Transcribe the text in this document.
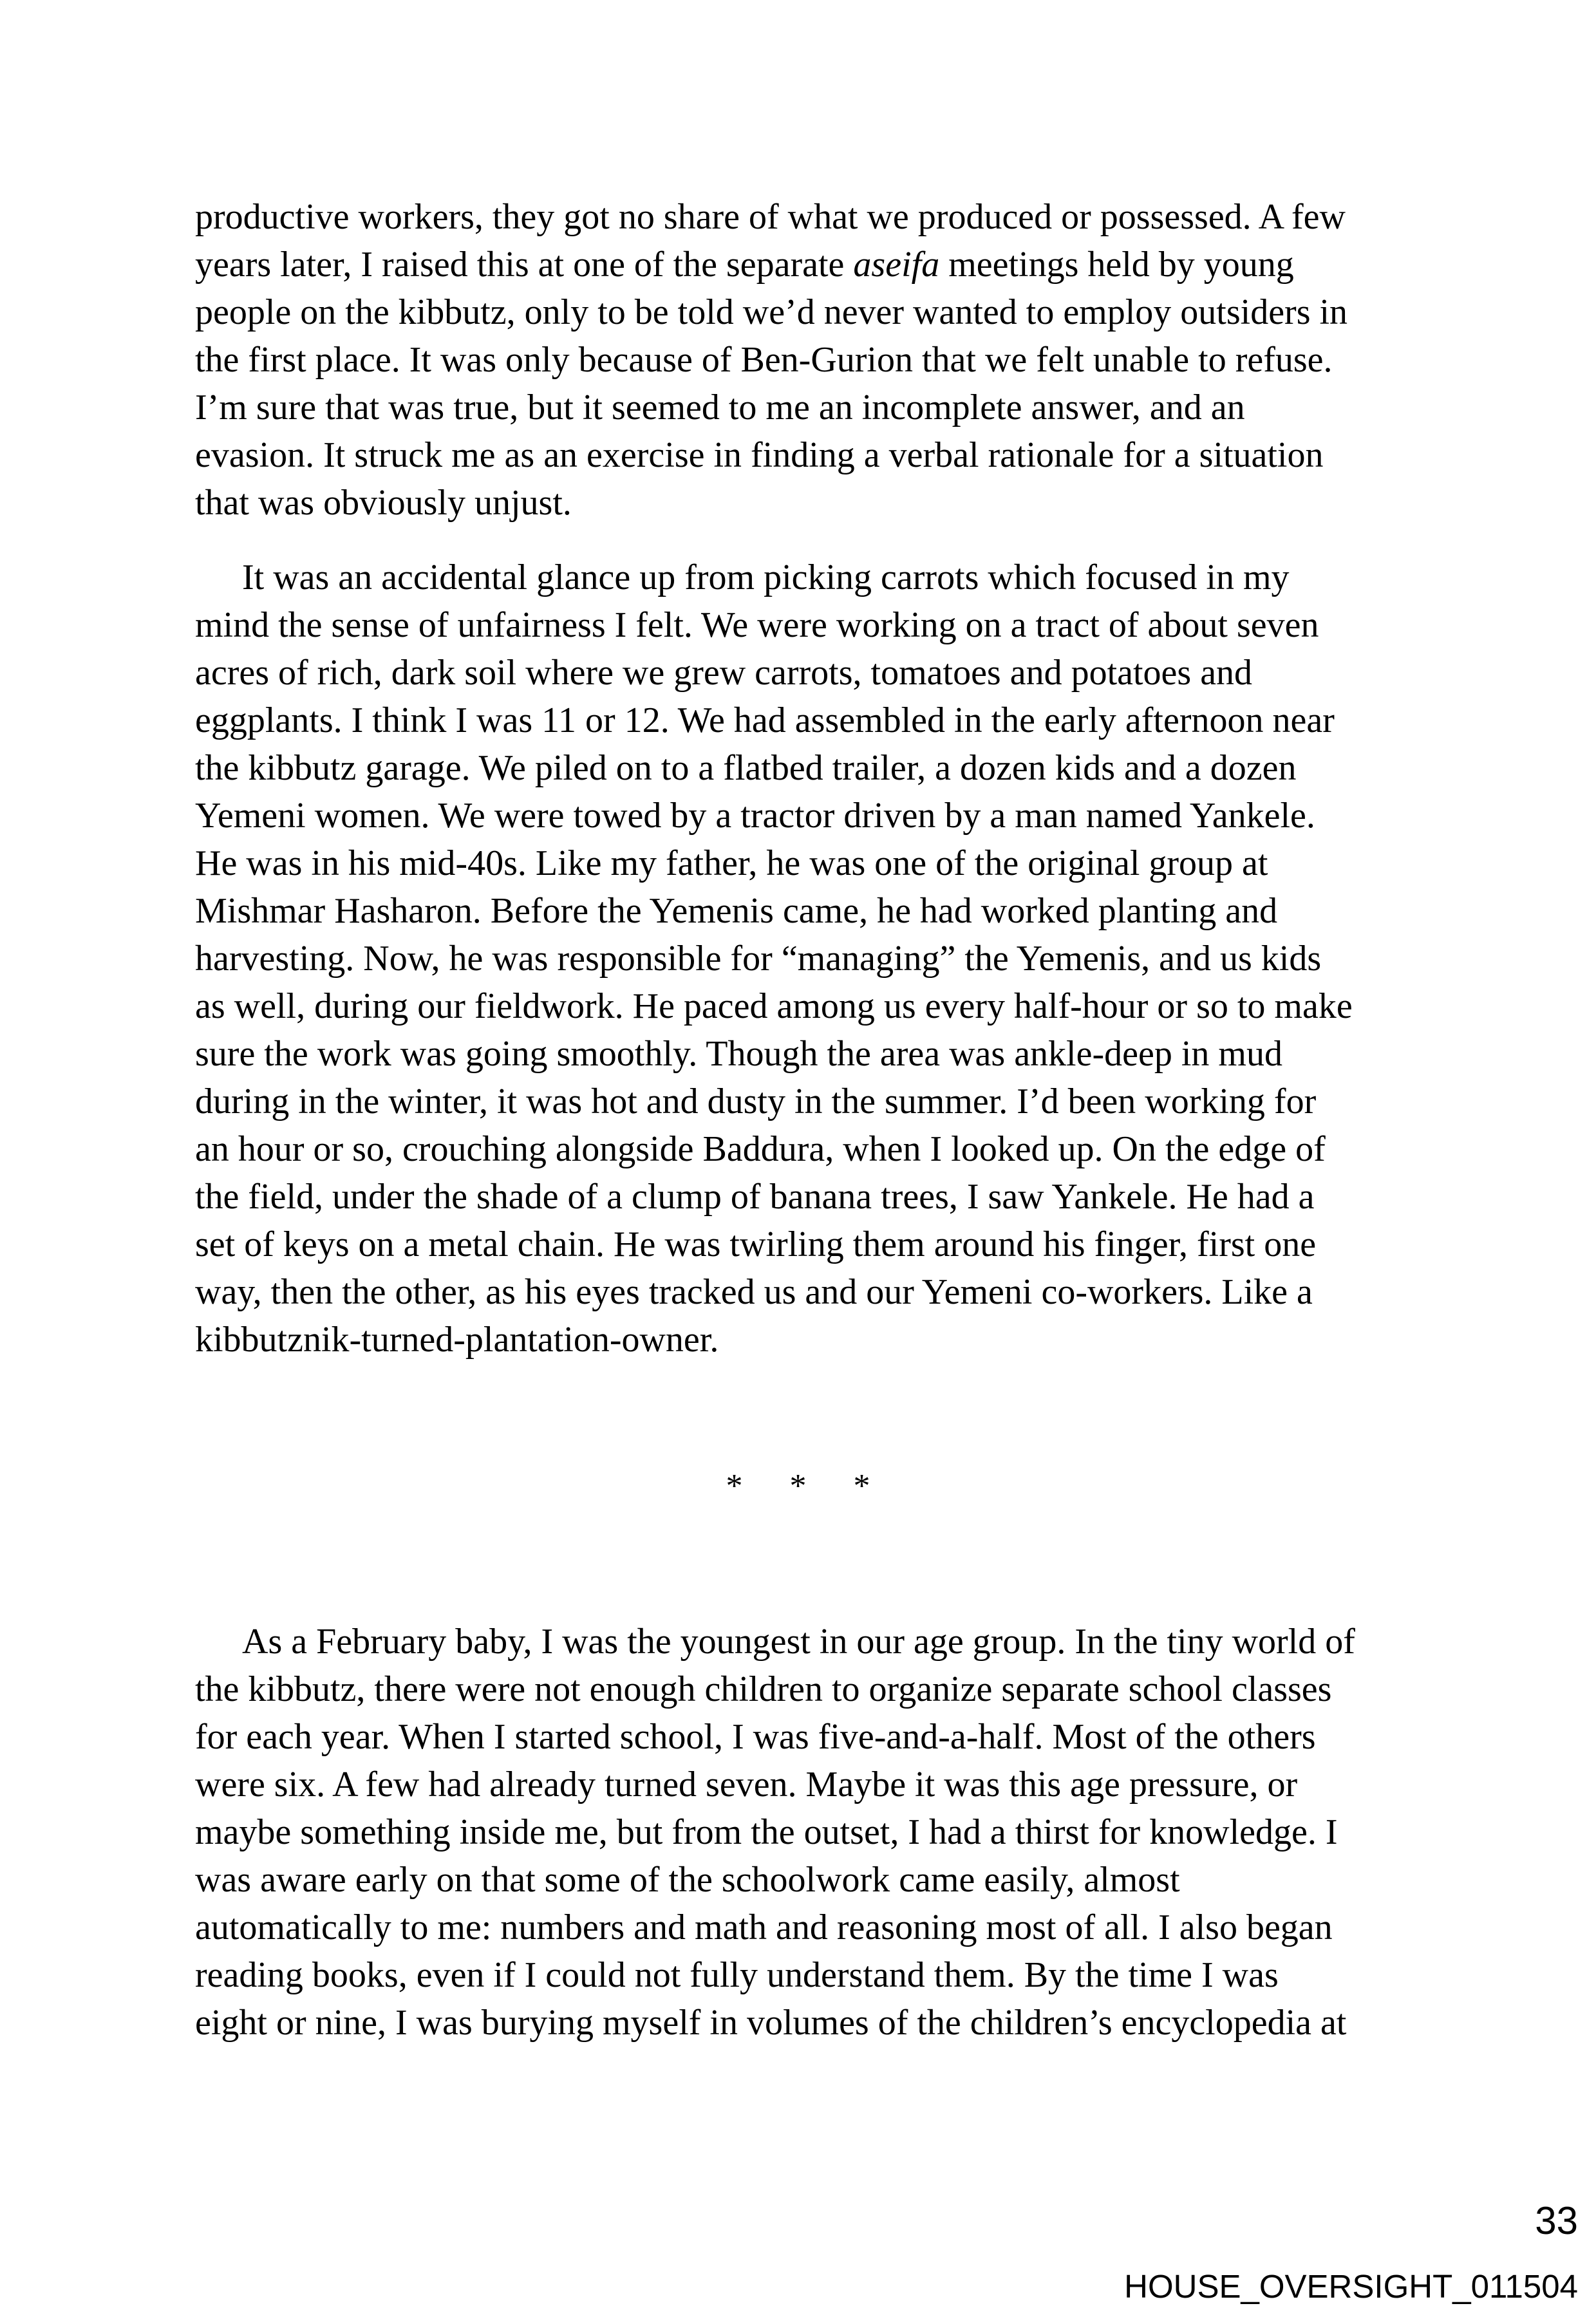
productive workers, they got no share of what we produced or possessed. A few
years later, I raised this at one of the separate aseifa meetings held by young
people on the kibbutz, only to be told we’d never wanted to employ outsiders in
the first place. It was only because of Ben-Gurion that we felt unable to refuse.
I’m sure that was true, but it seemed to me an incomplete answer, and an
evasion. It struck me as an exercise in finding a verbal rationale for a situation
that was obviously unjust.
It was an accidental glance up from picking carrots which focused in my
mind the sense of unfairness I felt. We were working on a tract of about seven
acres of rich, dark soil where we grew carrots, tomatoes and potatoes and
eggplants. I think I was 11 or 12. We had assembled in the early afternoon near
the kibbutz garage. We piled on to a flatbed trailer, a dozen kids and a dozen
Yemeni women. We were towed by a tractor driven by a man named Yankele.
He was in his mid-40s. Like my father, he was one of the original group at
Mishmar Hasharon. Before the Yemenis came, he had worked planting and
harvesting. Now, he was responsible for “managing” the Yemenis, and us kids
as well, during our fieldwork. He paced among us every half-hour or so to make
sure the work was going smoothly. Though the area was ankle-deep in mud
during in the winter, it was hot and dusty in the summer. I’d been working for
an hour or so, crouching alongside Baddura, when I looked up. On the edge of
the field, under the shade of a clump of banana trees, I saw Yankele. He had a
set of keys on a metal chain. He was twirling them around his finger, first one
way, then the other, as his eyes tracked us and our Yemeni co-workers. Like a
kibbutznik-turned-plantation-owner.
* * *
As a February baby, I was the youngest in our age group. In the tiny world of
the kibbutz, there were not enough children to organize separate school classes
for each year. When I started school, I was five-and-a-half. Most of the others
were six. A few had already turned seven. Maybe it was this age pressure, or
maybe something inside me, but from the outset, I had a thirst for knowledge. I
was aware early on that some of the schoolwork came easily, almost
automatically to me: numbers and math and reasoning most of all. I also began
reading books, even if I could not fully understand them. By the time I was
eight or nine, I was burying myself in volumes of the children’s encyclopedia at
33
HOUSE_OVERSIGHT_011504
